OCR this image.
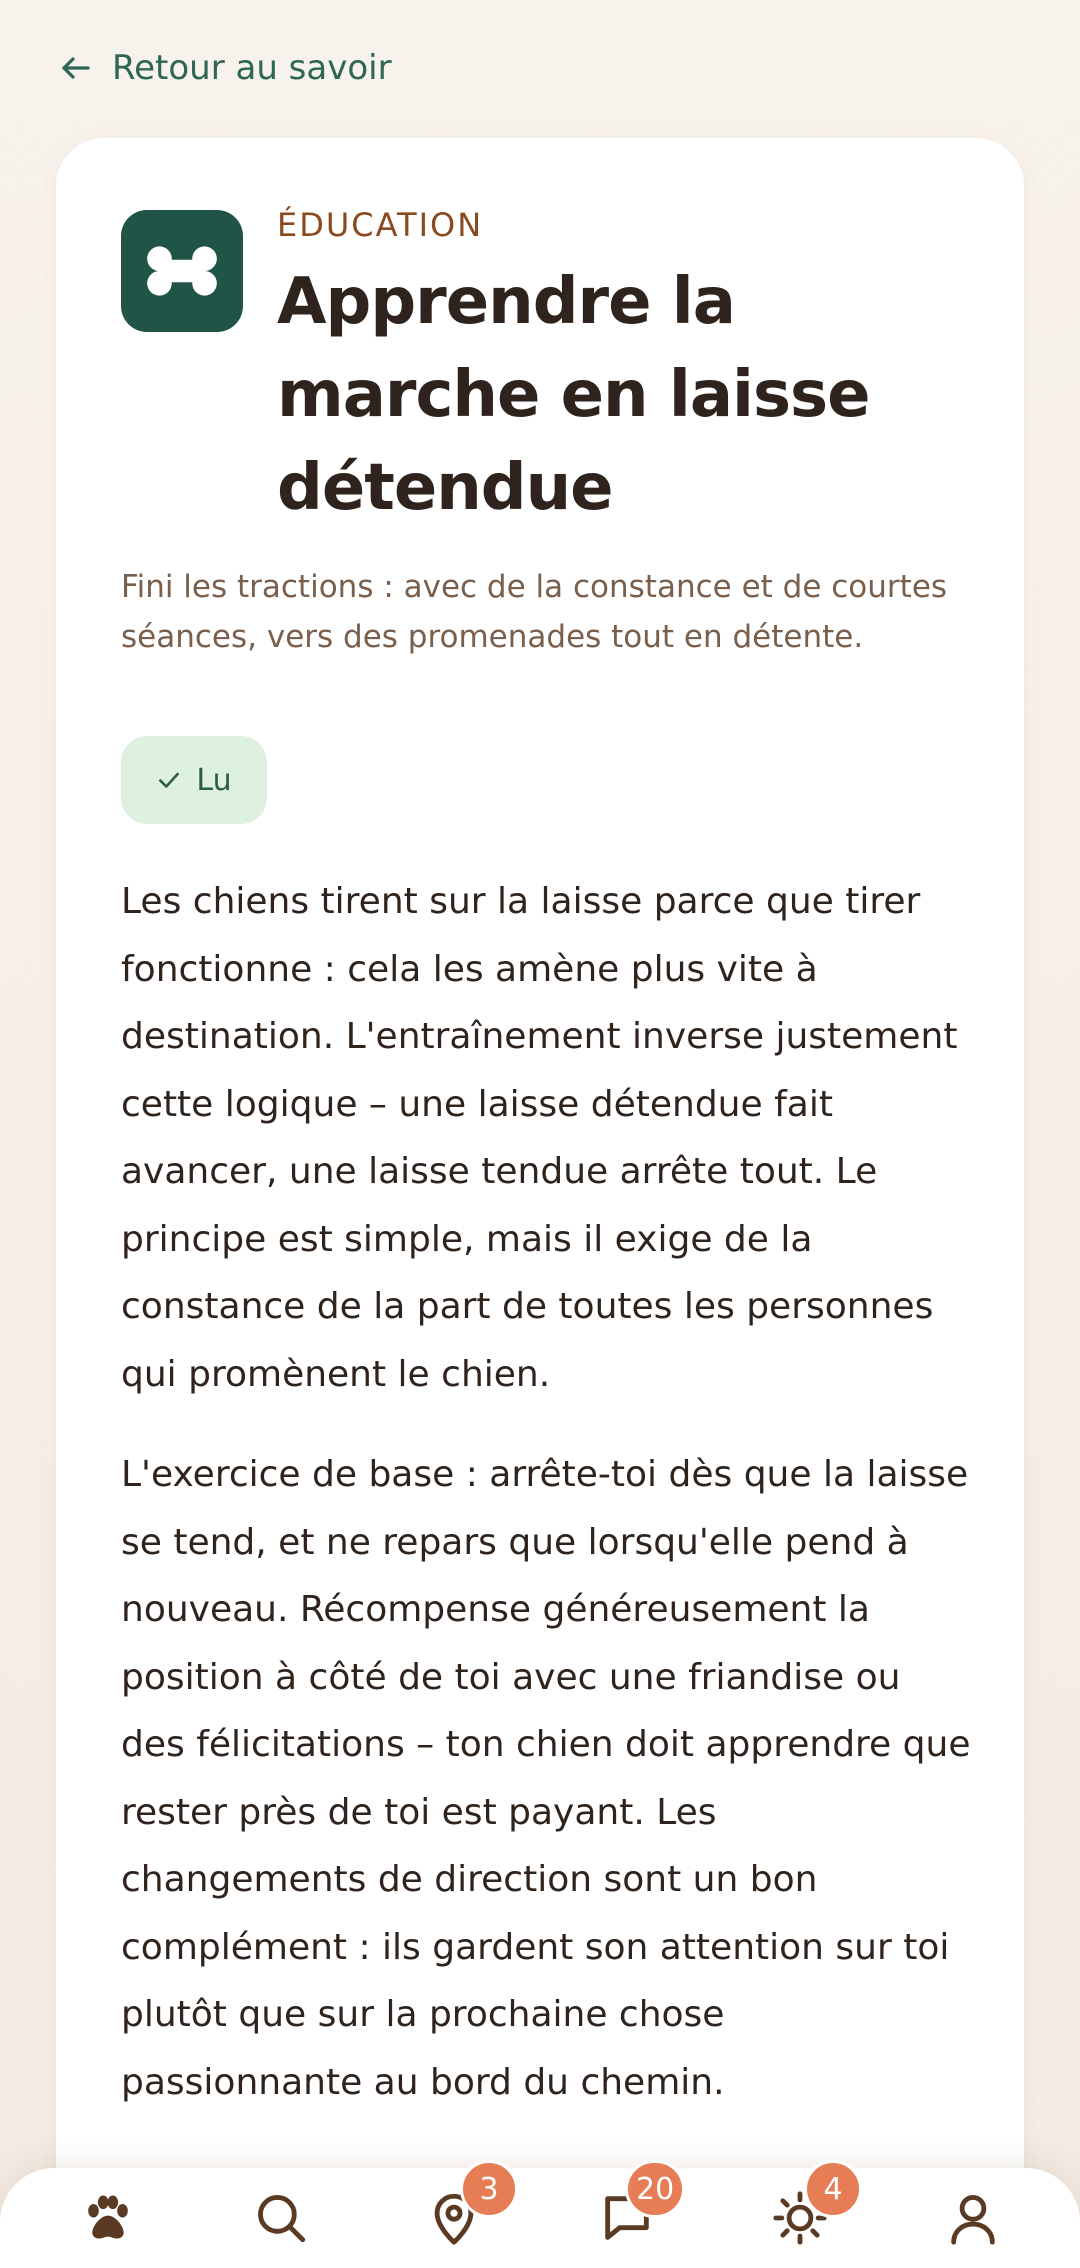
Retour au savoir
ÉDUCATION
Apprendre la marche en laisse détendue

Fini les tractions : avec de la constance et de courtes séances, vers des promenades tout en détente.

Lu

Les chiens tirent sur la laisse parce que tirer fonctionne : cela les amène plus vite à destination. L'entraînement inverse justement cette logique – une laisse détendue fait avancer, une laisse tendue arrête tout. Le principe est simple, mais il exige de la constance de la part de toutes les personnes qui promènent le chien.

L'exercice de base : arrête-toi dès que la laisse se tend, et ne repars que lorsqu'elle pend à nouveau. Récompense généreusement la position à côté de toi avec une friandise ou des félicitations – ton chien doit apprendre que rester près de toi est payant. Les changements de direction sont un bon complément : ils gardent son attention sur toi plutôt que sur la prochaine chose passionnante au bord du chemin.

3	20	4
